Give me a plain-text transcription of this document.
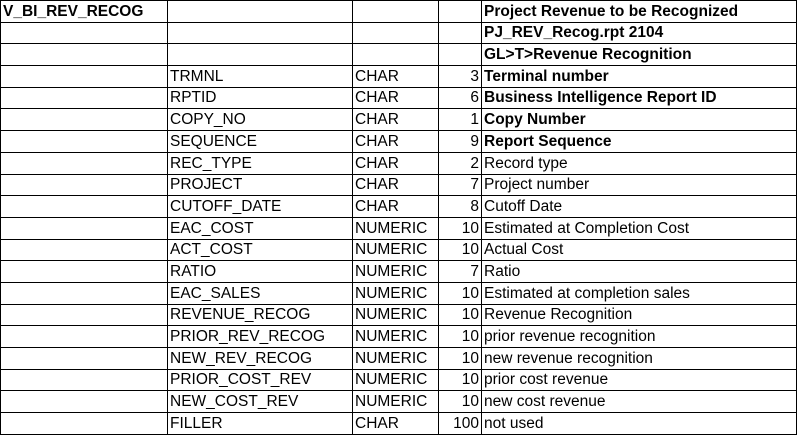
V_BI_REV_RECOG				Project Revenue to be Recognized
				PJ_REV_Recog.rpt 2104
				GL>T>Revenue Recognition
	TRMNL	CHAR	3	Terminal number
	RPTID	CHAR	6	Business Intelligence Report ID
	COPY_NO	CHAR	1	Copy Number
	SEQUENCE	CHAR	9	Report Sequence
	REC_TYPE	CHAR	2	Record type
	PROJECT	CHAR	7	Project number
	CUTOFF_DATE	CHAR	8	Cutoff Date
	EAC_COST	NUMERIC	10	Estimated at Completion Cost
	ACT_COST	NUMERIC	10	Actual Cost
	RATIO	NUMERIC	7	Ratio
	EAC_SALES	NUMERIC	10	Estimated at completion sales
	REVENUE_RECOG	NUMERIC	10	Revenue Recognition
	PRIOR_REV_RECOG	NUMERIC	10	prior revenue recognition
	NEW_REV_RECOG	NUMERIC	10	new revenue recognition
	PRIOR_COST_REV	NUMERIC	10	prior cost revenue
	NEW_COST_REV	NUMERIC	10	new cost revenue
	FILLER	CHAR	100	not used
